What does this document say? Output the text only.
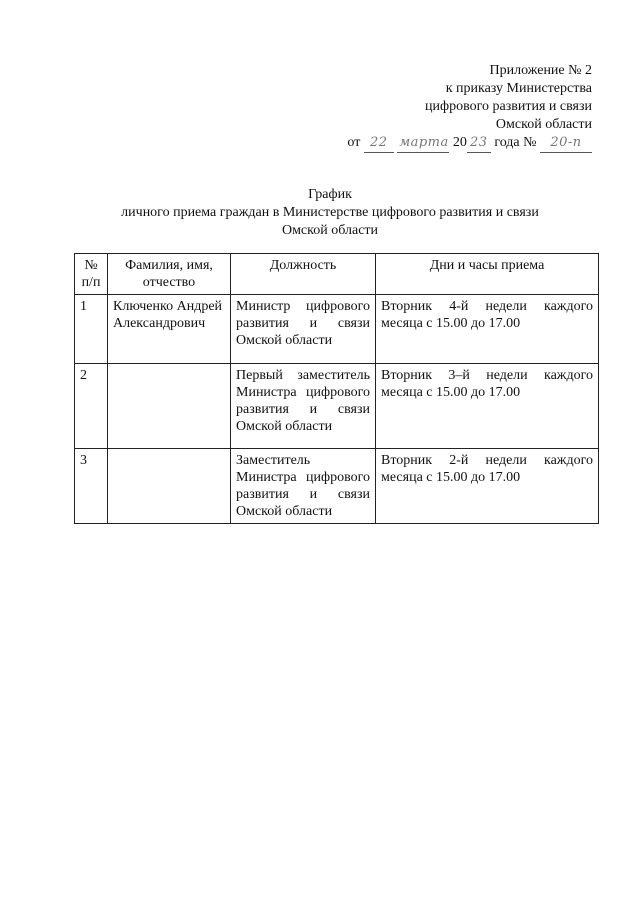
Приложение № 2
к приказу Министерства
цифрового развития и связи
Омской области
от 22 марта 20 23 года № 20-п
График
личного приема граждан в Министерстве цифрового развития и связи
Омской области
№ п/п	Фамилия, имя, отчество	Должность	Дни и часы приема
1	Ключенко Андрей Александрович	Министр цифрового развития и связи Омской области	Вторник 4-й недели каждого месяца с 15.00 до 17.00
2		Первый заместитель Министра цифрового развития и связи Омской области	Вторник 3–й недели каждого месяца с 15.00 до 17.00
3		Заместитель Министра цифрового развития и связи Омской области	Вторник 2-й недели каждого месяца с 15.00 до 17.00
